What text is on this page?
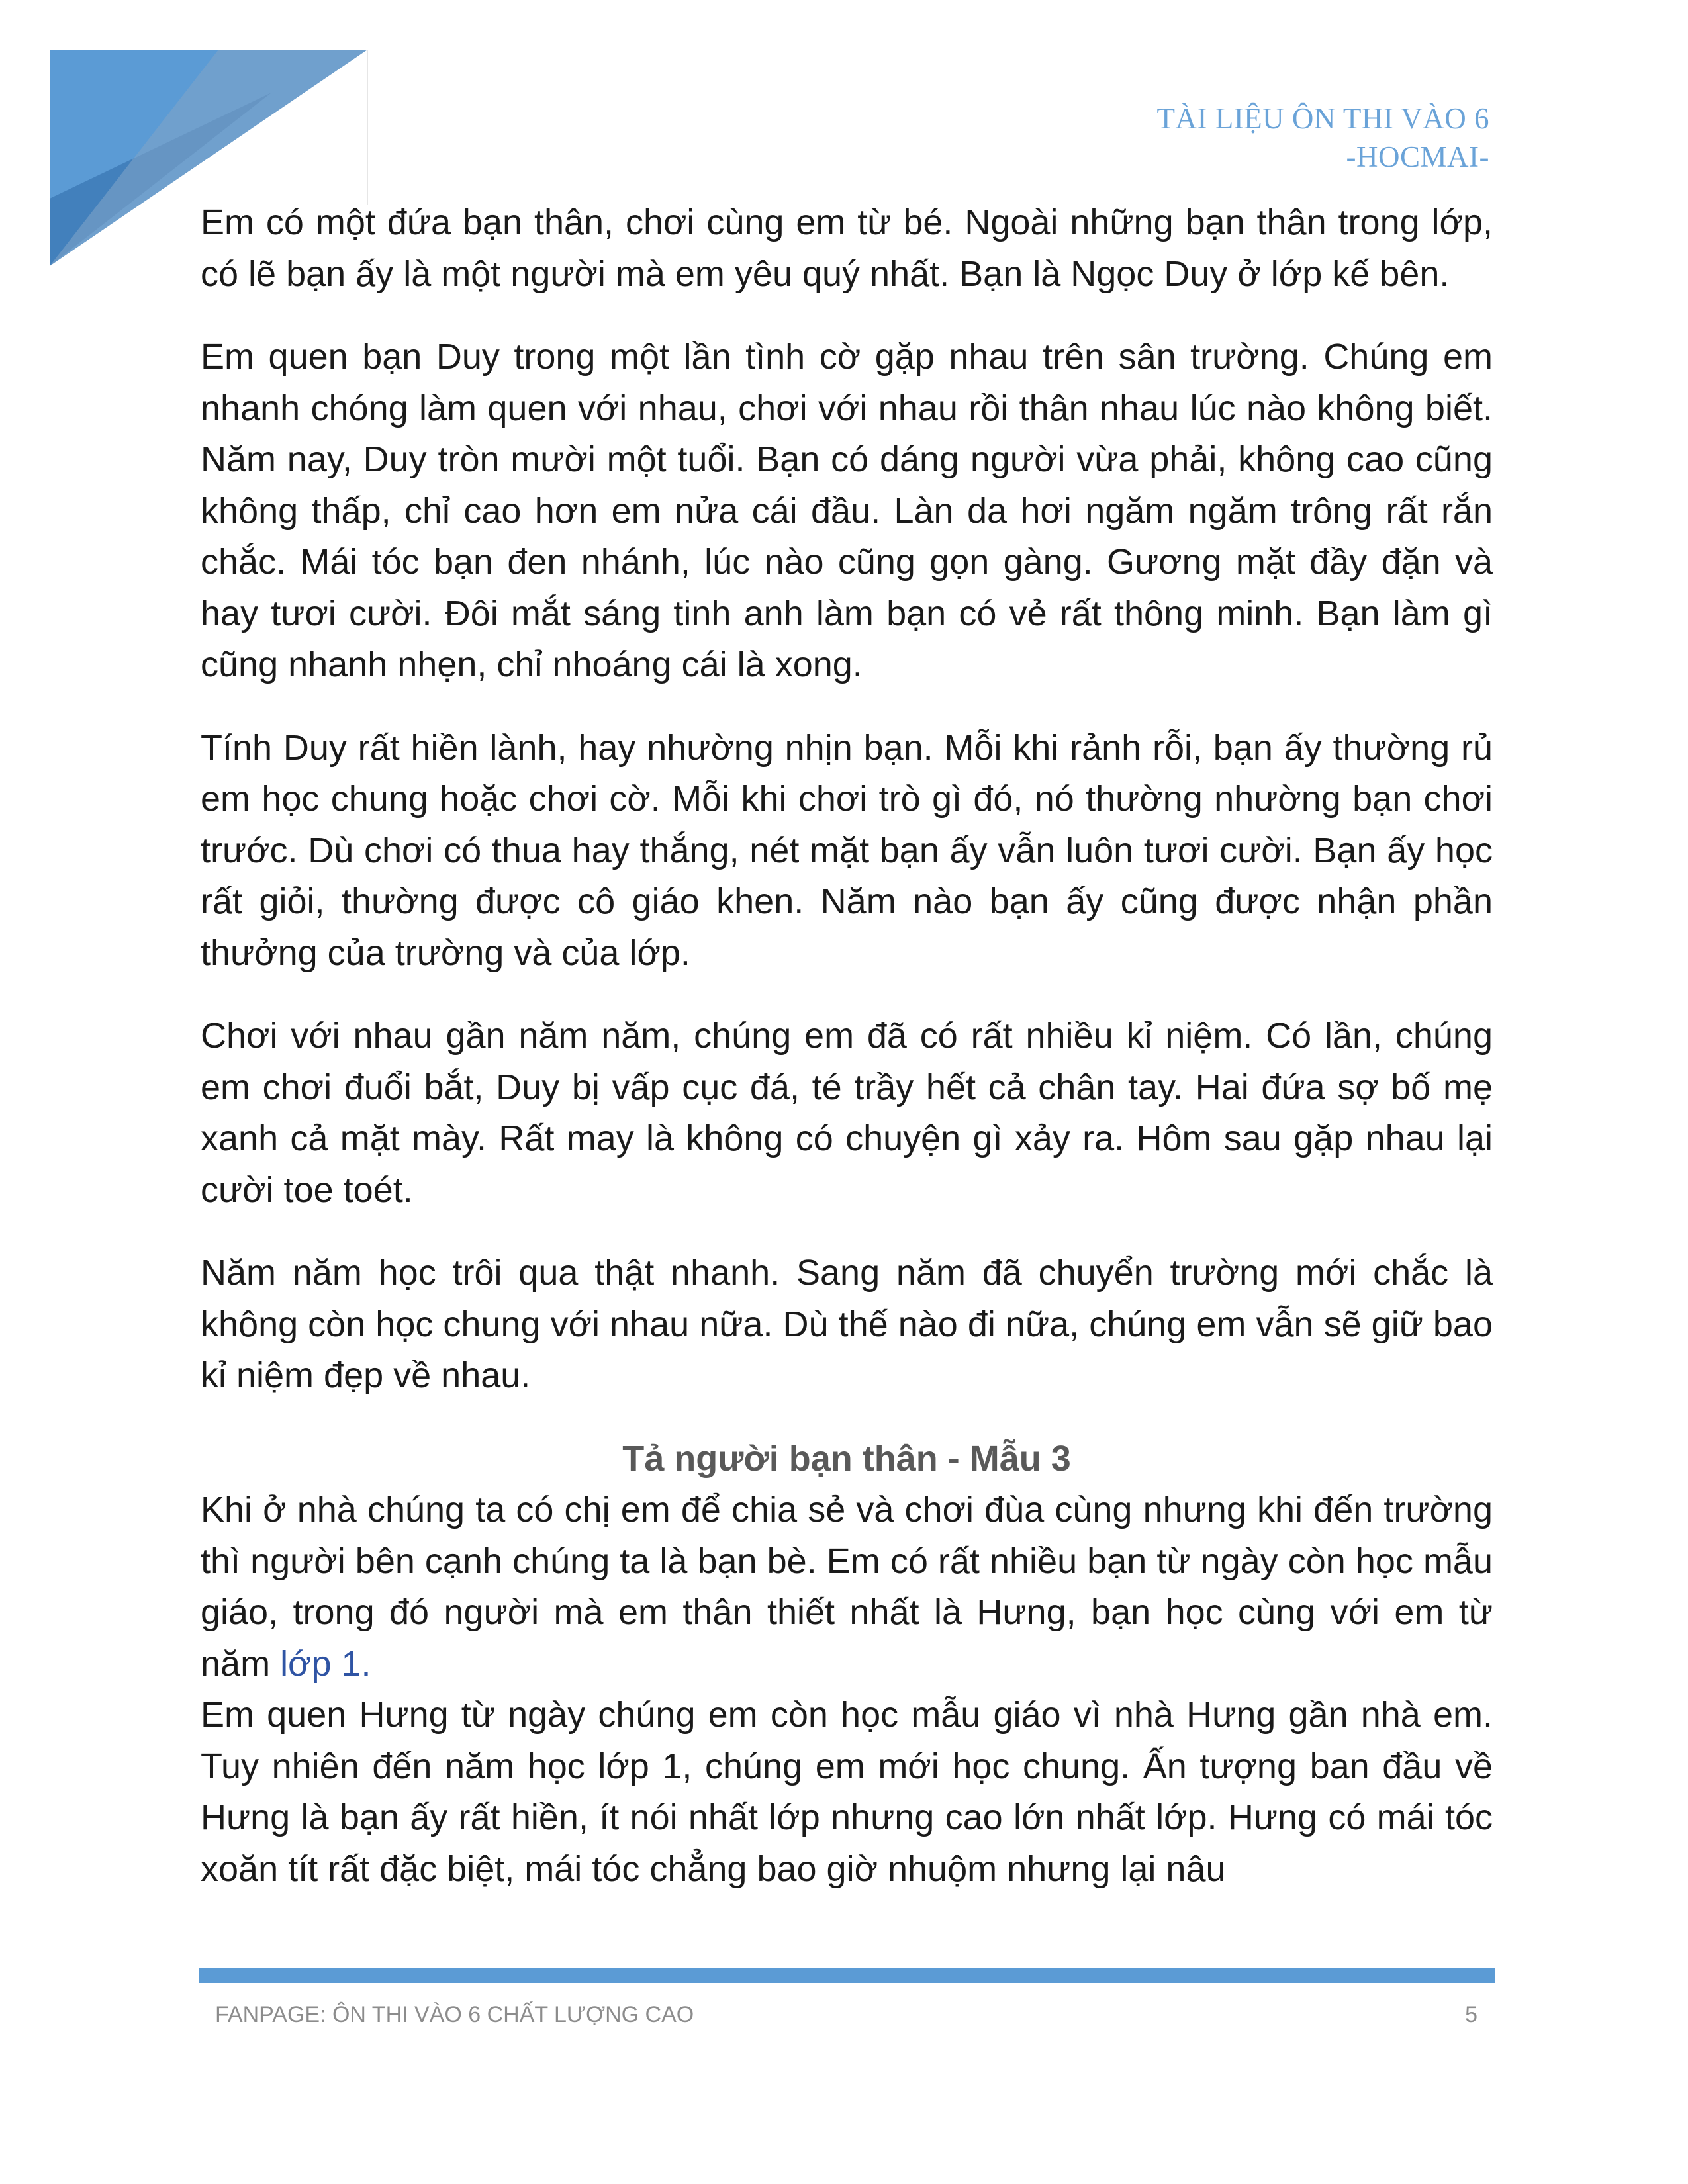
TÀI LIỆU ÔN THI VÀO 6
-HOCMAI-

Em có một đứa bạn thân, chơi cùng em từ bé. Ngoài những bạn thân trong lớp, có lẽ bạn ấy là một người mà em yêu quý nhất. Bạn là Ngọc Duy ở lớp kế bên.

Em quen bạn Duy trong một lần tình cờ gặp nhau trên sân trường. Chúng em nhanh chóng làm quen với nhau, chơi với nhau rồi thân nhau lúc nào không biết. Năm nay, Duy tròn mười một tuổi. Bạn có dáng người vừa phải, không cao cũng không thấp, chỉ cao hơn em nửa cái đầu. Làn da hơi ngăm ngăm trông rất rắn chắc. Mái tóc bạn đen nhánh, lúc nào cũng gọn gàng. Gương mặt đầy đặn và hay tươi cười. Đôi mắt sáng tinh anh làm bạn có vẻ rất thông minh. Bạn làm gì cũng nhanh nhẹn, chỉ nhoáng cái là xong.

Tính Duy rất hiền lành, hay nhường nhịn bạn. Mỗi khi rảnh rỗi, bạn ấy thường rủ em học chung hoặc chơi cờ. Mỗi khi chơi trò gì đó, nó thường nhường bạn chơi trước. Dù chơi có thua hay thắng, nét mặt bạn ấy vẫn luôn tươi cười. Bạn ấy học rất giỏi, thường được cô giáo khen. Năm nào bạn ấy cũng được nhận phần thưởng của trường và của lớp.

Chơi với nhau gần năm năm, chúng em đã có rất nhiều kỉ niệm. Có lần, chúng em chơi đuổi bắt, Duy bị vấp cục đá, té trầy hết cả chân tay. Hai đứa sợ bố mẹ xanh cả mặt mày. Rất may là không có chuyện gì xảy ra. Hôm sau gặp nhau lại cười toe toét.

Năm năm học trôi qua thật nhanh. Sang năm đã chuyển trường mới chắc là không còn học chung với nhau nữa. Dù thế nào đi nữa, chúng em vẫn sẽ giữ bao kỉ niệm đẹp về nhau.

Tả người bạn thân - Mẫu 3

Khi ở nhà chúng ta có chị em để chia sẻ và chơi đùa cùng nhưng khi đến trường thì người bên cạnh chúng ta là bạn bè. Em có rất nhiều bạn từ ngày còn học mẫu giáo, trong đó người mà em thân thiết nhất là Hưng, bạn học cùng với em từ năm lớp 1.

Em quen Hưng từ ngày chúng em còn học mẫu giáo vì nhà Hưng gần nhà em. Tuy nhiên đến năm học lớp 1, chúng em mới học chung. Ấn tượng ban đầu về Hưng là bạn ấy rất hiền, ít nói nhất lớp nhưng cao lớn nhất lớp. Hưng có mái tóc xoăn tít rất đặc biệt, mái tóc chẳng bao giờ nhuộm nhưng lại nâu

FANPAGE: ÔN THI VÀO 6 CHẤT LƯỢNG CAO	5
